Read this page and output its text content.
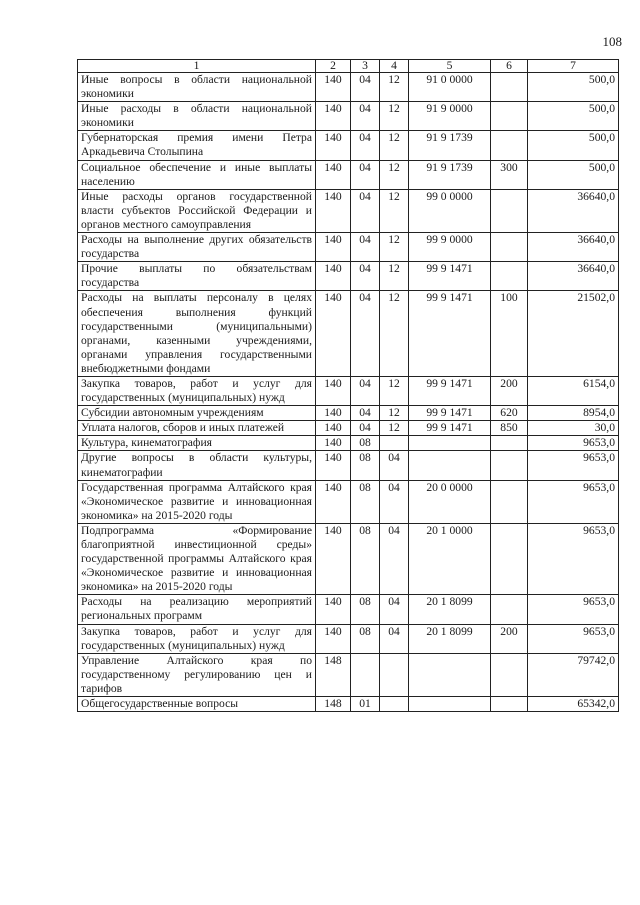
108
1	2	3	4	5	6	7
Иные вопросы в области национальной экономики	140	04	12	91 0 0000		500,0
Иные расходы в области национальной экономики	140	04	12	91 9 0000		500,0
Губернаторская премия имени Петра Аркадьевича Столыпина	140	04	12	91 9 1739		500,0
Социальное обеспечение и иные выплаты населению	140	04	12	91 9 1739	300	500,0
Иные расходы органов государственной власти субъектов Российской Федерации и органов местного самоуправления	140	04	12	99 0 0000		36640,0
Расходы на выполнение других обязательств государства	140	04	12	99 9 0000		36640,0
Прочие выплаты по обязательствам государства	140	04	12	99 9 1471		36640,0
Расходы на выплаты персоналу в целях обеспечения выполнения функций государственными (муниципальными) органами, казенными учреждениями, органами управления государственными внебюджетными фондами	140	04	12	99 9 1471	100	21502,0
Закупка товаров, работ и услуг для государственных (муниципальных) нужд	140	04	12	99 9 1471	200	6154,0
Субсидии автономным учреждениям	140	04	12	99 9 1471	620	8954,0
Уплата налогов, сборов и иных платежей	140	04	12	99 9 1471	850	30,0
Культура, кинематография	140	08				9653,0
Другие вопросы в области культуры, кинематографии	140	08	04			9653,0
Государственная программа Алтайского края «Экономическое развитие и инновационная экономика» на 2015-2020 годы	140	08	04	20 0 0000		9653,0
Подпрограмма «Формирование благоприятной инвестиционной среды» государственной программы Алтайского края «Экономическое развитие и инновационная экономика» на 2015-2020 годы	140	08	04	20 1 0000		9653,0
Расходы на реализацию мероприятий региональных программ	140	08	04	20 1 8099		9653,0
Закупка товаров, работ и услуг для государственных (муниципальных) нужд	140	08	04	20 1 8099	200	9653,0
Управление Алтайского края по государственному регулированию цен и тарифов	148					79742,0
Общегосударственные вопросы	148	01				65342,0
